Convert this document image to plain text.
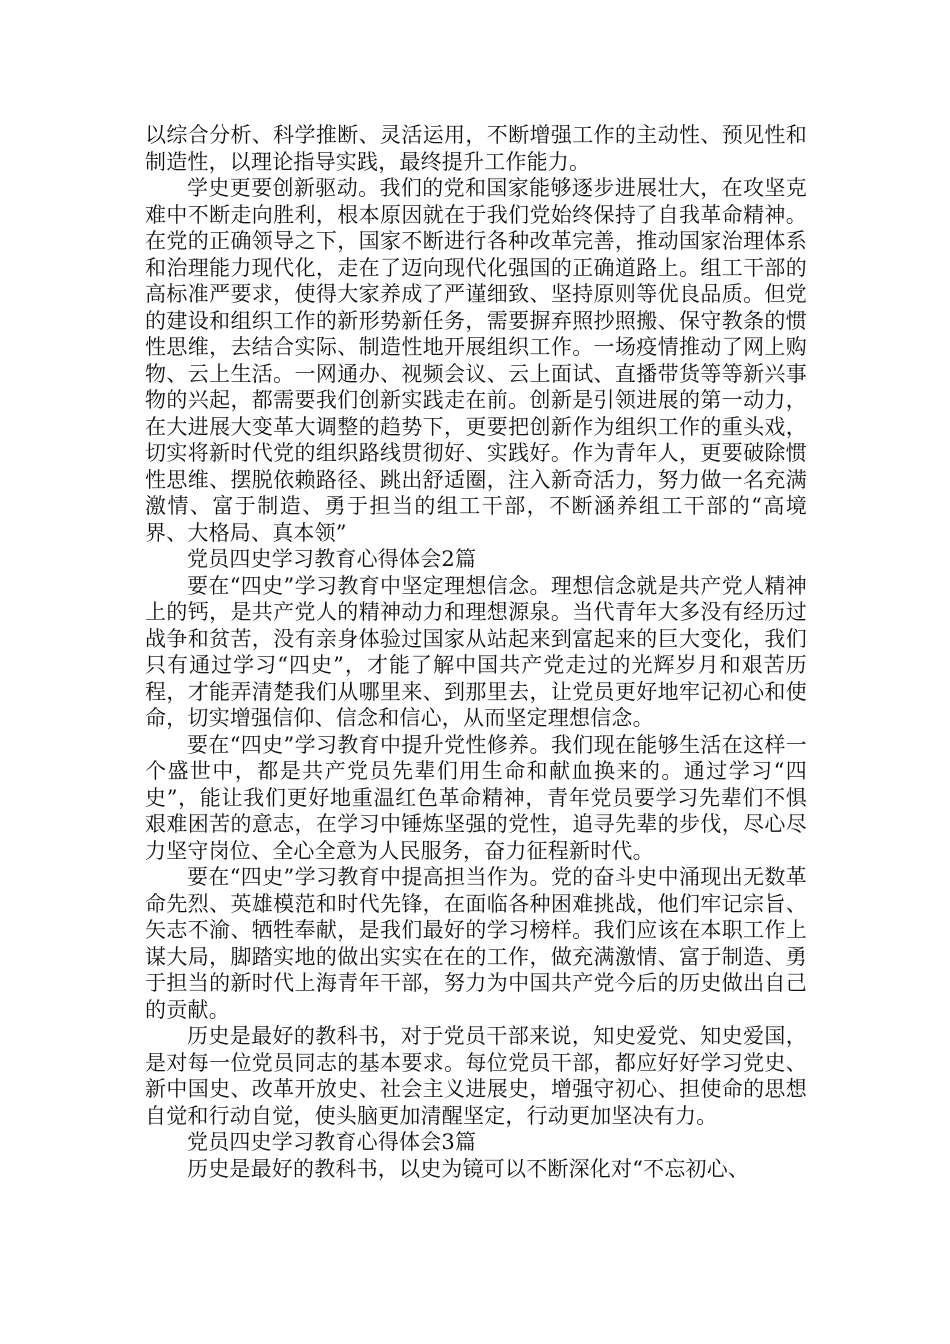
以综合分析、科学推断、灵活运用，不断增强工作的主动性、预见性和制造性，以理论指导实践，最终提升工作能力。

学史更要创新驱动。我们的党和国家能够逐步进展壮大，在攻坚克难中不断走向胜利，根本原因就在于我们党始终保持了自我革命精神。在党的正确领导之下，国家不断进行各种改革完善，推动国家治理体系和治理能力现代化，走在了迈向现代化强国的正确道路上。组工干部的高标准严要求，使得大家养成了严谨细致、坚持原则等优良品质。但党的建设和组织工作的新形势新任务，需要摒弃照抄照搬、保守教条的惯性思维，去结合实际、制造性地开展组织工作。一场疫情推动了网上购物、云上生活。一网通办、视频会议、云上面试、直播带货等等新兴事物的兴起，都需要我们创新实践走在前。创新是引领进展的第一动力，在大进展大变革大调整的趋势下，更要把创新作为组织工作的重头戏，切实将新时代党的组织路线贯彻好、实践好。作为青年人，更要破除惯性思维、摆脱依赖路径、跳出舒适圈，注入新奇活力，努力做一名充满激情、富于制造、勇于担当的组工干部，不断涵养组工干部的“高境界、大格局、真本领”

党员四史学习教育心得体会2篇

要在“四史”学习教育中坚定理想信念。理想信念就是共产党人精神上的钙，是共产党人的精神动力和理想源泉。当代青年大多没有经历过战争和贫苦，没有亲身体验过国家从站起来到富起来的巨大变化，我们只有通过学习“四史”，才能了解中国共产党走过的光辉岁月和艰苦历程，才能弄清楚我们从哪里来、到那里去，让党员更好地牢记初心和使命，切实增强信仰、信念和信心，从而坚定理想信念。

要在“四史”学习教育中提升党性修养。我们现在能够生活在这样一个盛世中，都是共产党员先辈们用生命和献血换来的。通过学习“四史”，能让我们更好地重温红色革命精神，青年党员要学习先辈们不惧艰难困苦的意志，在学习中锤炼坚强的党性，追寻先辈的步伐，尽心尽力坚守岗位、全心全意为人民服务，奋力征程新时代。

要在“四史”学习教育中提高担当作为。党的奋斗史中涌现出无数革命先烈、英雄模范和时代先锋，在面临各种困难挑战，他们牢记宗旨、矢志不渝、牺牲奉献，是我们最好的学习榜样。我们应该在本职工作上谋大局，脚踏实地的做出实实在在的工作，做充满激情、富于制造、勇于担当的新时代上海青年干部，努力为中国共产党今后的历史做出自己的贡献。

历史是最好的教科书，对于党员干部来说，知史爱党、知史爱国，是对每一位党员同志的基本要求。每位党员干部，都应好好学习党史、新中国史、改革开放史、社会主义进展史，增强守初心、担使命的思想自觉和行动自觉，使头脑更加清醒坚定，行动更加坚决有力。

党员四史学习教育心得体会3篇

历史是最好的教科书，以史为镜可以不断深化对“不忘初心、
